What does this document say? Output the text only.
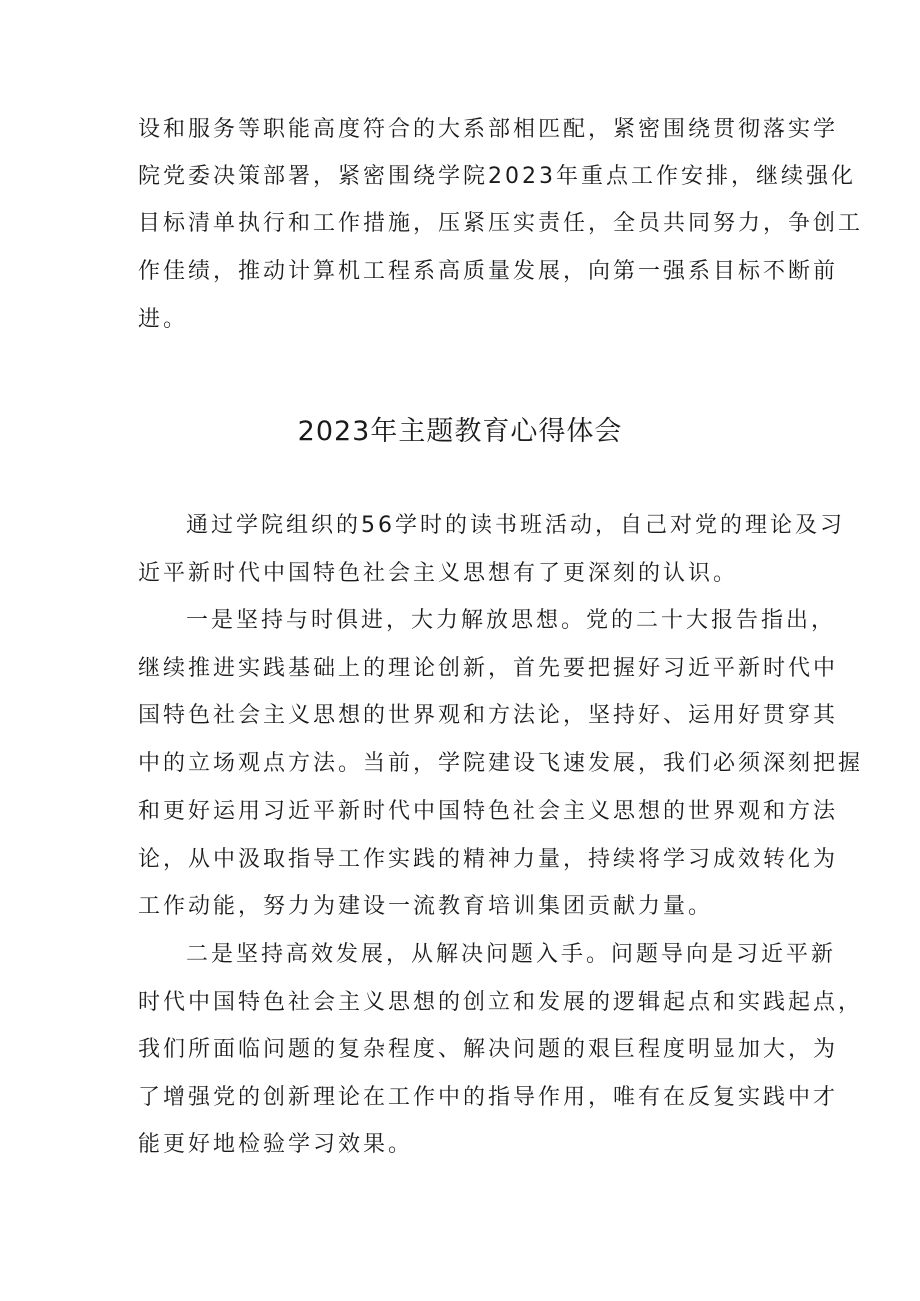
设和服务等职能高度符合的大系部相匹配，紧密围绕贯彻落实学
院党委决策部署，紧密围绕学院2023年重点工作安排，继续强化
目标清单执行和工作措施，压紧压实责任，全员共同努力，争创工
作佳绩，推动计算机工程系高质量发展，向第一强系目标不断前
进。
2023年主题教育心得体会
通过学院组织的56学时的读书班活动，自己对党的理论及习
近平新时代中国特色社会主义思想有了更深刻的认识。
一是坚持与时俱进，大力解放思想。党的二十大报告指出，
继续推进实践基础上的理论创新，首先要把握好习近平新时代中
国特色社会主义思想的世界观和方法论，坚持好、运用好贯穿其
中的立场观点方法。当前，学院建设飞速发展，我们必须深刻把握
和更好运用习近平新时代中国特色社会主义思想的世界观和方法
论，从中汲取指导工作实践的精神力量，持续将学习成效转化为
工作动能，努力为建设一流教育培训集团贡献力量。
二是坚持高效发展，从解决问题入手。问题导向是习近平新
时代中国特色社会主义思想的创立和发展的逻辑起点和实践起点，
我们所面临问题的复杂程度、解决问题的艰巨程度明显加大，为
了增强党的创新理论在工作中的指导作用，唯有在反复实践中才
能更好地检验学习效果。
